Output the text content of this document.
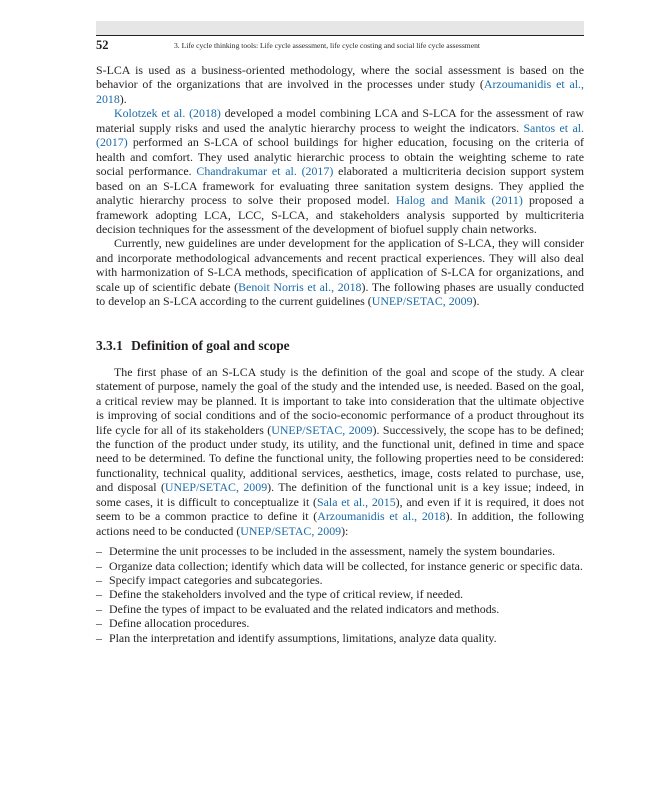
52	3. Life cycle thinking tools: Life cycle assessment, life cycle costing and social life cycle assessment

S-LCA is used as a business-oriented methodology, where the social assessment is based on the behavior of the organizations that are involved in the processes under study (Arzoumanidis et al., 2018).

Kolotzek et al. (2018) developed a model combining LCA and S-LCA for the assessment of raw material supply risks and used the analytic hierarchy process to weight the indicators. Santos et al. (2017) performed an S-LCA of school buildings for higher education, focusing on the criteria of health and comfort. They used analytic hierarchic process to obtain the weighting scheme to rate social performance. Chandrakumar et al. (2017) elaborated a multicriteria decision support system based on an S-LCA framework for evaluating three sanitation system designs. They applied the analytic hierarchy process to solve their proposed model. Halog and Manik (2011) proposed a framework adopting LCA, LCC, S-LCA, and stakeholders analysis supported by multicriteria decision techniques for the assessment of the development of biofuel supply chain networks.

Currently, new guidelines are under development for the application of S-LCA, they will consider and incorporate methodological advancements and recent practical experiences. They will also deal with harmonization of S-LCA methods, specification of application of S-LCA for organizations, and scale up of scientific debate (Benoit Norris et al., 2018). The following phases are usually conducted to develop an S-LCA according to the current guidelines (UNEP/SETAC, 2009).

3.3.1 Definition of goal and scope

The first phase of an S-LCA study is the definition of the goal and scope of the study. A clear statement of purpose, namely the goal of the study and the intended use, is needed. Based on the goal, a critical review may be planned. It is important to take into consideration that the ultimate objective is improving of social conditions and of the socio-economic performance of a product throughout its life cycle for all of its stakeholders (UNEP/SETAC, 2009). Successively, the scope has to be defined; the function of the product under study, its utility, and the functional unit, defined in time and space need to be determined. To define the functional unity, the following properties need to be considered: functionality, technical quality, additional services, aesthetics, image, costs related to purchase, use, and disposal (UNEP/SETAC, 2009). The definition of the functional unit is a key issue; indeed, in some cases, it is difficult to conceptualize it (Sala et al., 2015), and even if it is required, it does not seem to be a common practice to define it (Arzoumanidis et al., 2018). In addition, the following actions need to be conducted (UNEP/SETAC, 2009):

– Determine the unit processes to be included in the assessment, namely the system boundaries.
– Organize data collection; identify which data will be collected, for instance generic or specific data.
– Specify impact categories and subcategories.
– Define the stakeholders involved and the type of critical review, if needed.
– Define the types of impact to be evaluated and the related indicators and methods.
– Define allocation procedures.
– Plan the interpretation and identify assumptions, limitations, analyze data quality.
